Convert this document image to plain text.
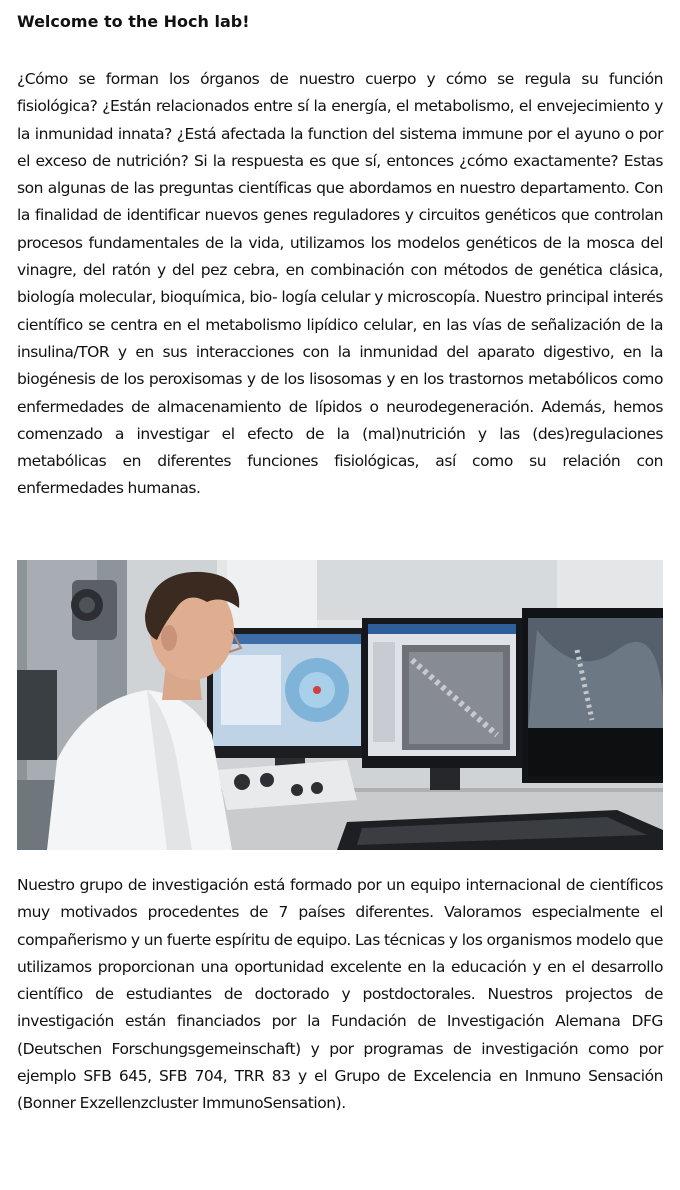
Welcome to the Hoch lab!

¿Cómo se forman los órganos de nuestro cuerpo y cómo se regula su función fisiológica? ¿Están relacionados entre sí la energía, el metabolismo, el envejecimiento y la inmunidad innata? ¿Está afectada la function del sistema immune por el ayuno o por el exceso de nutrición? Si la respuesta es que sí, entonces ¿cómo exactamente? Estas son algunas de las preguntas científicas que abordamos en nuestro departamento. Con la finalidad de identificar nuevos genes reguladores y circuitos genéticos que controlan procesos fundamentales de la vida, utilizamos los modelos genéticos de la mosca del vinagre, del ratón y del pez cebra, en combinación con métodos de genética clásica, biología molecular, bioquímica, bio- logía celular y microscopía. Nuestro principal interés científico se centra en el metabolismo lipídico celular, en las vías de señalización de la insulina/TOR y en sus interacciones con la inmunidad del aparato digestivo, en la biogénesis de los peroxisomas y de los lisosomas y en los trastornos metabólicos como enfermedades de almacenamiento de lípidos o neurodegeneración. Además, hemos comenzado a investigar el efecto de la (mal)nutrición y las (des)regulaciones metabólicas en diferentes funciones fisiológicas, así como su relación con enfermedades humanas.

Nuestro grupo de investigación está formado por un equipo internacional de científicos muy motivados procedentes de 7 países diferentes. Valoramos especialmente el compañerismo y un fuerte espíritu de equipo. Las técnicas y los organismos modelo que utilizamos proporcionan una oportunidad excelente en la educación y en el desarrollo científico de estudiantes de doctorado y postdoctorales. Nuestros projectos de investigación están financiados por la Fundación de Investigación Alemana DFG (Deutschen Forschungsgemeinschaft) y por programas de investigación como por ejemplo SFB 645, SFB 704, TRR 83 y el Grupo de Excelencia en Inmuno Sensación (Bonner Exzellenzcluster ImmunoSensation).
